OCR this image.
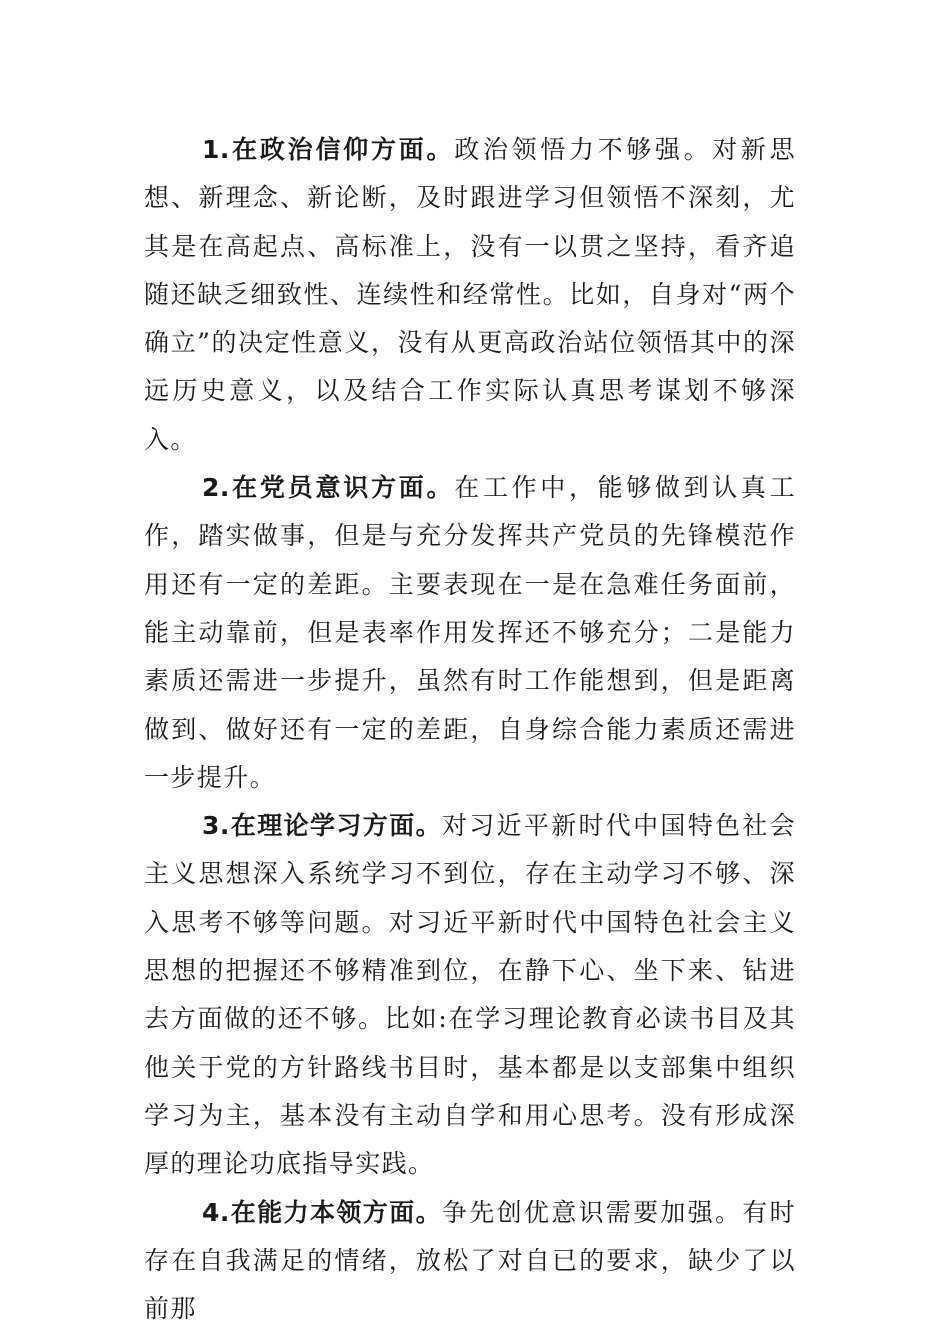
1.在政治信仰方面。政治领悟力不够强。对新思想、新理念、新论断，及时跟进学习但领悟不深刻，尤其是在高起点、高标准上，没有一以贯之坚持，看齐追随还缺乏细致性、连续性和经常性。比如，自身对“两个确立”的决定性意义，没有从更高政治站位领悟其中的深远历史意义，以及结合工作实际认真思考谋划不够深入。

2.在党员意识方面。在工作中，能够做到认真工作，踏实做事，但是与充分发挥共产党员的先锋模范作用还有一定的差距。主要表现在一是在急难任务面前，能主动靠前，但是表率作用发挥还不够充分；二是能力素质还需进一步提升，虽然有时工作能想到，但是距离做到、做好还有一定的差距，自身综合能力素质还需进一步提升。

3.在理论学习方面。对习近平新时代中国特色社会主义思想深入系统学习不到位，存在主动学习不够、深入思考不够等问题。对习近平新时代中国特色社会主义思想的把握还不够精准到位，在静下心、坐下来、钻进去方面做的还不够。比如:在学习理论教育必读书目及其他关于党的方针路线书目时，基本都是以支部集中组织学习为主，基本没有主动自学和用心思考。没有形成深厚的理论功底指导实践。

4.在能力本领方面。争先创优意识需要加强。有时存在自我满足的情绪，放松了对自已的要求，缺少了以前那
